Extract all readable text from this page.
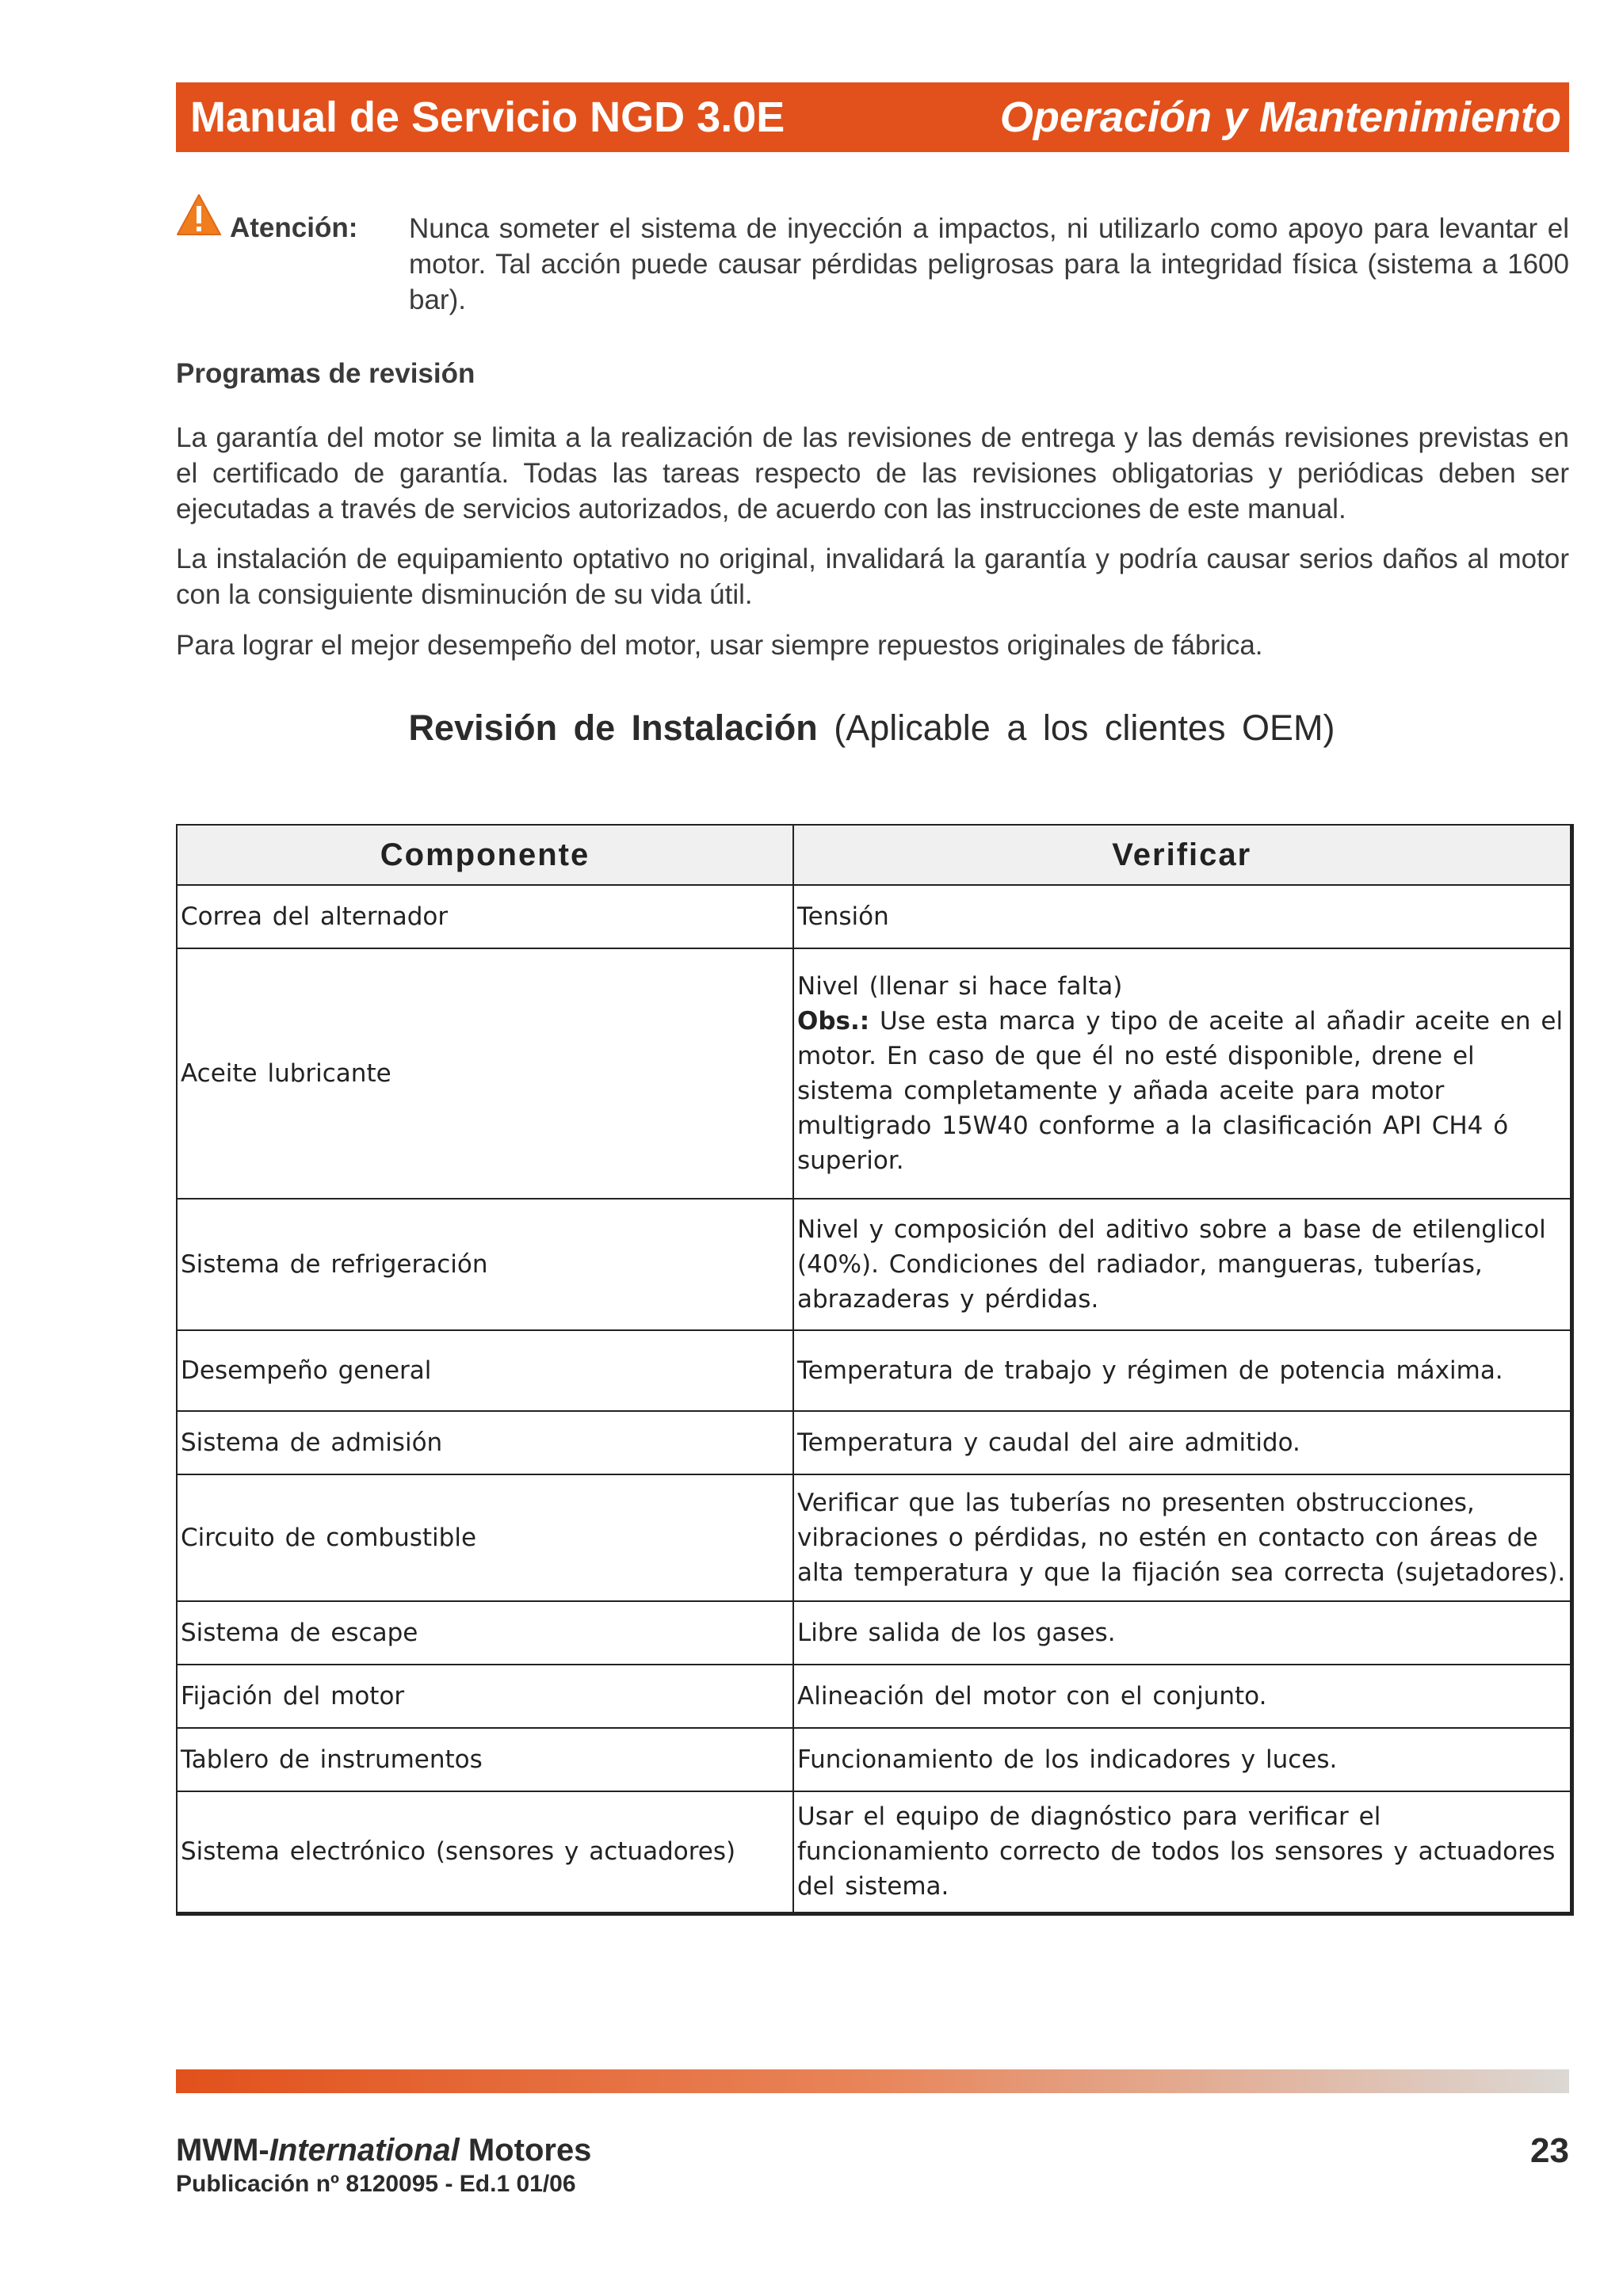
Manual de Servicio NGD 3.0E	Operación y Mantenimiento
Atención: Nunca someter el sistema de inyección a impactos, ni utilizarlo como apoyo para levantar el motor. Tal acción puede causar pérdidas peligrosas para la integridad física (sistema a 1600 bar).
Programas de revisión
La garantía del motor se limita a la realización de las revisiones de entrega y las demás revisiones previstas en el certificado de garantía. Todas las tareas respecto de las revisiones obligatorias y periódicas deben ser ejecutadas a través de servicios autorizados, de acuerdo con las instrucciones de este manual.
La instalación de equipamiento optativo no original, invalidará la garantía y podría causar serios daños al motor con la consiguiente disminución de su vida útil.
Para lograr el mejor desempeño del motor, usar siempre repuestos originales de fábrica.
Revisión de Instalación (Aplicable a los clientes OEM)
Componente	Verificar
Correa del alternador	Tensión
Aceite lubricante	Nivel (llenar si hace falta)
Obs.: Use esta marca y tipo de aceite al añadir aceite en el motor. En caso de que él no esté disponible, drene el sistema completamente y añada aceite para motor multigrado 15W40 conforme a la clasificación API CH4 ó superior.
Sistema de refrigeración	Nivel y composición del aditivo sobre a base de etilenglicol (40%). Condiciones del radiador, mangueras, tuberías, abrazaderas y pérdidas.
Desempeño general	Temperatura de trabajo y régimen de potencia máxima.
Sistema de admisión	Temperatura y caudal del aire admitido.
Circuito de combustible	Verificar que las tuberías no presenten obstrucciones, vibraciones o pérdidas, no estén en contacto con áreas de alta temperatura y que la fijación sea correcta (sujetadores).
Sistema de escape	Libre salida de los gases.
Fijación del motor	Alineación del motor con el conjunto.
Tablero de instrumentos	Funcionamiento de los indicadores y luces.
Sistema electrónico (sensores y actuadores)	Usar el equipo de diagnóstico para verificar el funcionamiento correcto de todos los sensores y actuadores del sistema.
MWM-International Motores	23
Publicación nº 8120095 - Ed.1 01/06
